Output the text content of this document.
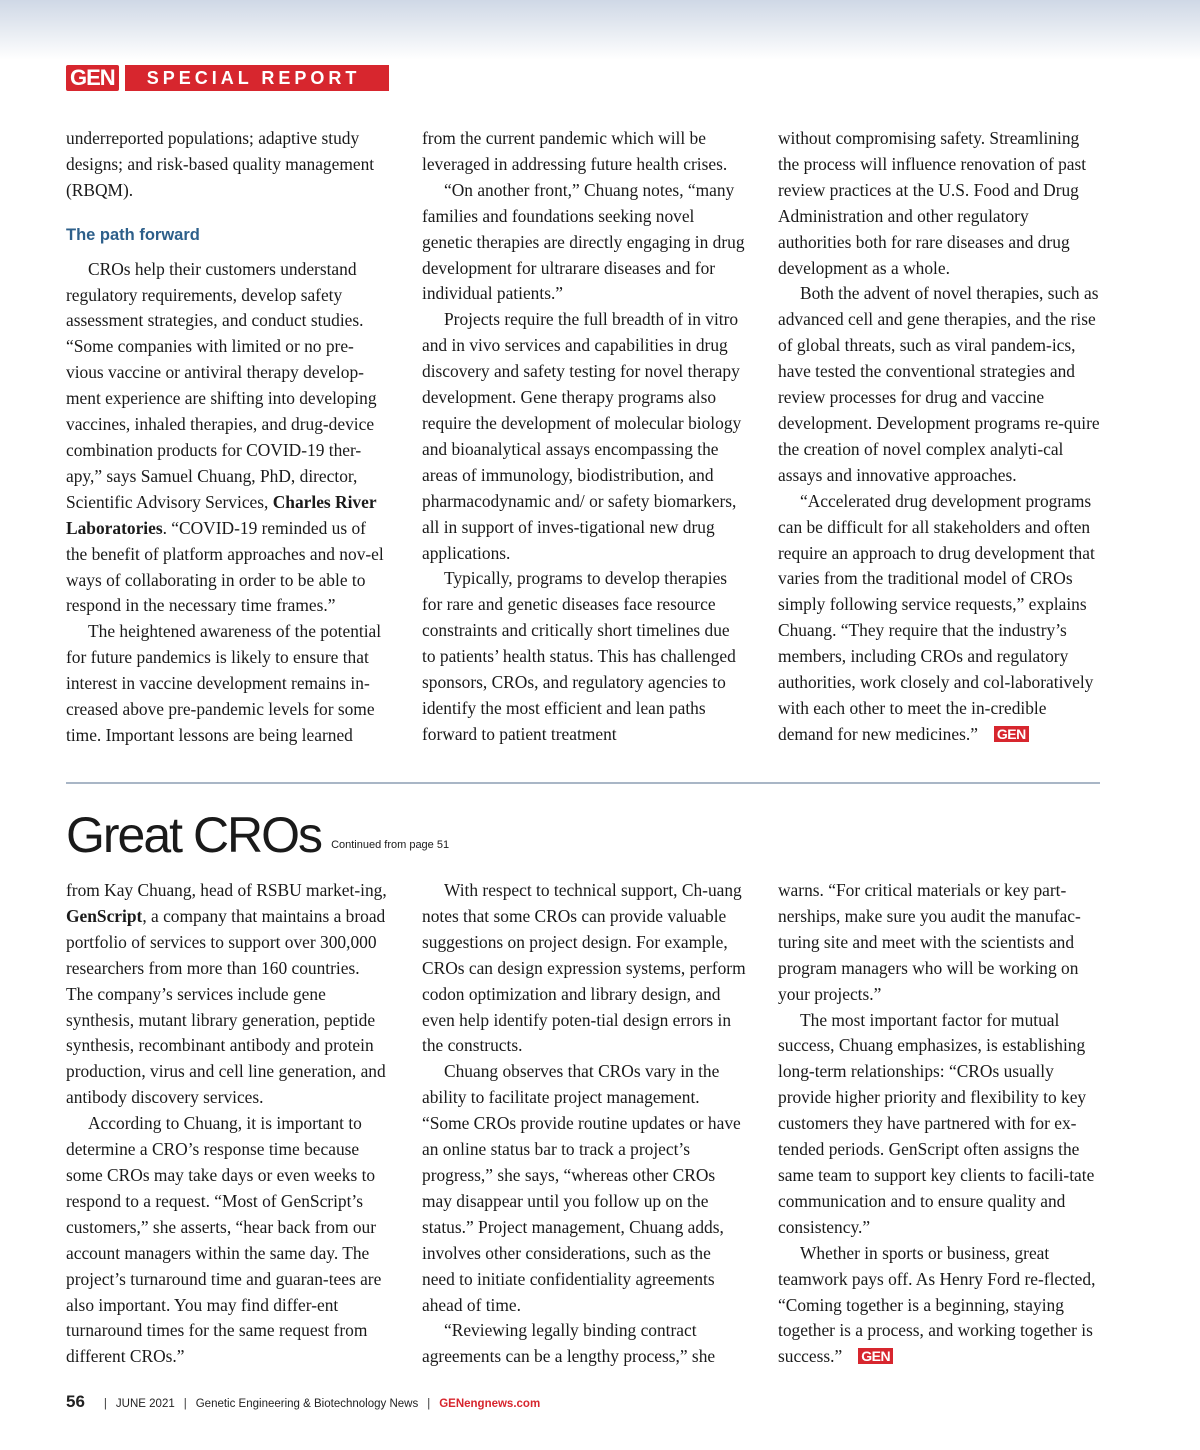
GEN	SPECIAL REPORT

underreported populations; adaptive study designs; and risk-based quality management (RBQM).

The path forward

CROs help their customers understand regulatory requirements, develop safety assessment strategies, and conduct studies. “Some companies with limited or no pre-vious vaccine or antiviral therapy develop-ment experience are shifting into developing vaccines, inhaled therapies, and drug-device combination products for COVID-19 ther-apy,” says Samuel Chuang, PhD, director, Scientific Advisory Services, Charles River Laboratories. “COVID-19 reminded us of the benefit of platform approaches and nov-el ways of collaborating in order to be able to respond in the necessary time frames.”

The heightened awareness of the potential for future pandemics is likely to ensure that interest in vaccine development remains in-creased above pre-pandemic levels for some time. Important lessons are being learned

from the current pandemic which will be leveraged in addressing future health crises.

“On another front,” Chuang notes, “many families and foundations seeking novel genetic therapies are directly engaging in drug development for ultrarare diseases and for individual patients.”

Projects require the full breadth of in vitro and in vivo services and capabilities in drug discovery and safety testing for novel therapy development. Gene therapy programs also require the development of molecular biology and bioanalytical assays encompassing the areas of immunology, biodistribution, and pharmacodynamic and/ or safety biomarkers, all in support of inves-tigational new drug applications.

Typically, programs to develop therapies for rare and genetic diseases face resource constraints and critically short timelines due to patients’ health status. This has challenged sponsors, CROs, and regulatory agencies to identify the most efficient and lean paths forward to patient treatment

without compromising safety. Streamlining the process will influence renovation of past review practices at the U.S. Food and Drug Administration and other regulatory authorities both for rare diseases and drug development as a whole.

Both the advent of novel therapies, such as advanced cell and gene therapies, and the rise of global threats, such as viral pandem-ics, have tested the conventional strategies and review processes for drug and vaccine development. Development programs re-quire the creation of novel complex analyti-cal assays and innovative approaches.

“Accelerated drug development programs can be difficult for all stakeholders and often require an approach to drug development that varies from the traditional model of CROs simply following service requests,” explains Chuang. “They require that the industry’s members, including CROs and regulatory authorities, work closely and col-laboratively with each other to meet the in-credible demand for new medicines.” GEN

Great CROs Continued from page 51

from Kay Chuang, head of RSBU market-ing, GenScript, a company that maintains a broad portfolio of services to support over 300,000 researchers from more than 160 countries. The company’s services include gene synthesis, mutant library generation, peptide synthesis, recombinant antibody and protein production, virus and cell line generation, and antibody discovery services.

According to Chuang, it is important to determine a CRO’s response time because some CROs may take days or even weeks to respond to a request. “Most of GenScript’s customers,” she asserts, “hear back from our account managers within the same day. The project’s turnaround time and guaran-tees are also important. You may find differ-ent turnaround times for the same request from different CROs.”

With respect to technical support, Ch-uang notes that some CROs can provide valuable suggestions on project design. For example, CROs can design expression systems, perform codon optimization and library design, and even help identify poten-tial design errors in the constructs.

Chuang observes that CROs vary in the ability to facilitate project management. “Some CROs provide routine updates or have an online status bar to track a project’s progress,” she says, “whereas other CROs may disappear until you follow up on the status.” Project management, Chuang adds, involves other considerations, such as the need to initiate confidentiality agreements ahead of time.

“Reviewing legally binding contract agreements can be a lengthy process,” she

warns. “For critical materials or key part-nerships, make sure you audit the manufac-turing site and meet with the scientists and program managers who will be working on your projects.”

The most important factor for mutual success, Chuang emphasizes, is establishing long-term relationships: “CROs usually provide higher priority and flexibility to key customers they have partnered with for ex-tended periods. GenScript often assigns the same team to support key clients to facili-tate communication and to ensure quality and consistency.”

Whether in sports or business, great teamwork pays off. As Henry Ford re-flected, “Coming together is a beginning, staying together is a process, and working together is success.” GEN

56 | JUNE 2021 | Genetic Engineering & Biotechnology News | GENengnews.com
